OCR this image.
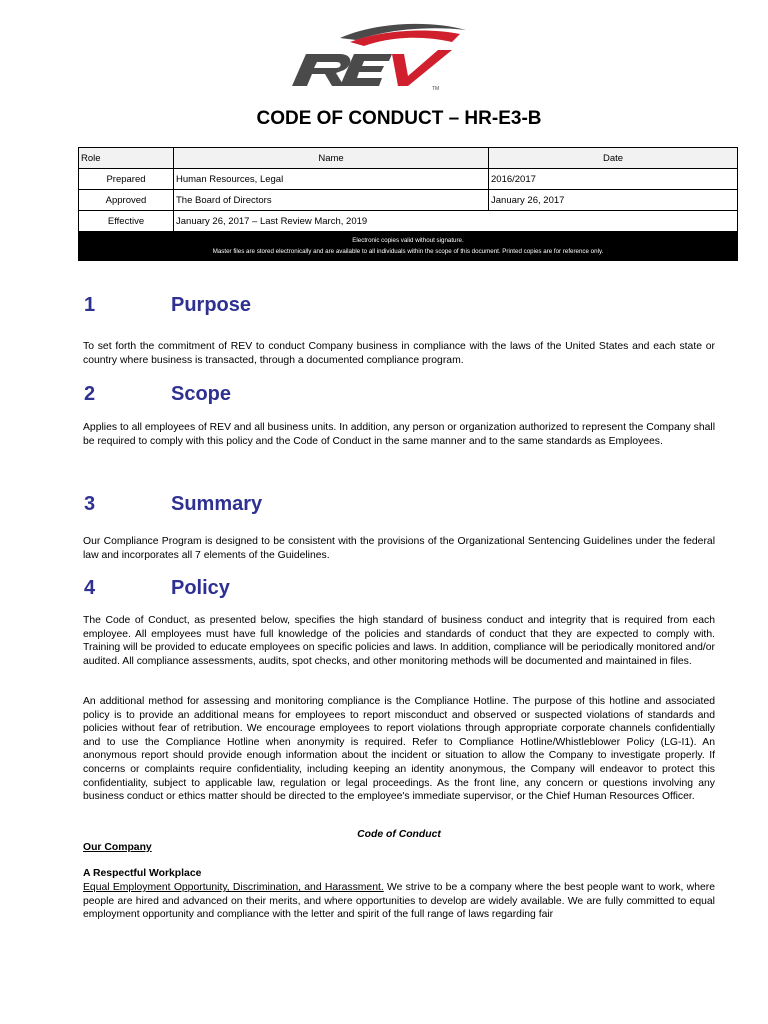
TM
CODE OF CONDUCT – HR-E3-B
Role	Name	Date
Prepared	Human Resources, Legal	2016/2017
Approved	The Board of Directors	January 26, 2017
Effective	January 26, 2017 – Last Review March, 2019	
Electronic copies valid without signature.
Master files are stored electronically and are available to all individuals within the scope of this document. Printed copies are for reference only.
1	Purpose

To set forth the commitment of REV to conduct Company business in compliance with the laws of the United States and each state or country where business is transacted, through a documented compliance program.

2	Scope

Applies to all employees of REV and all business units. In addition, any person or organization authorized to represent the Company shall be required to comply with this policy and the Code of Conduct in the same manner and to the same standards as Employees.

3	Summary

Our Compliance Program is designed to be consistent with the provisions of the Organizational Sentencing Guidelines under the federal law and incorporates all 7 elements of the Guidelines.

4	Policy

The Code of Conduct, as presented below, specifies the high standard of business conduct and integrity that is required from each employee. All employees must have full knowledge of the policies and standards of conduct that they are expected to comply with. Training will be provided to educate employees on specific policies and laws. In addition, compliance will be periodically monitored and/or audited. All compliance assessments, audits, spot checks, and other monitoring methods will be documented and maintained in files.

An additional method for assessing and monitoring compliance is the Compliance Hotline. The purpose of this hotline and associated policy is to provide an additional means for employees to report misconduct and observed or suspected violations of standards and policies without fear of retribution. We encourage employees to report violations through appropriate corporate channels confidentially and to use the Compliance Hotline when anonymity is required. Refer to Compliance Hotline/Whistleblower Policy (LG-I1). An anonymous report should provide enough information about the incident or situation to allow the Company to investigate properly. If concerns or complaints require confidentiality, including keeping an identity anonymous, the Company will endeavor to protect this confidentiality, subject to applicable law, regulation or legal proceedings. As the front line, any concern or questions involving any business conduct or ethics matter should be directed to the employee's immediate supervisor, or the Chief Human Resources Officer.

Code of Conduct
Our Company
A Respectful Workplace

Equal Employment Opportunity, Discrimination, and Harassment. We strive to be a company where the best people want to work, where people are hired and advanced on their merits, and where opportunities to develop are widely available. We are fully committed to equal employment opportunity and compliance with the letter and spirit of the full range of laws regarding fair
